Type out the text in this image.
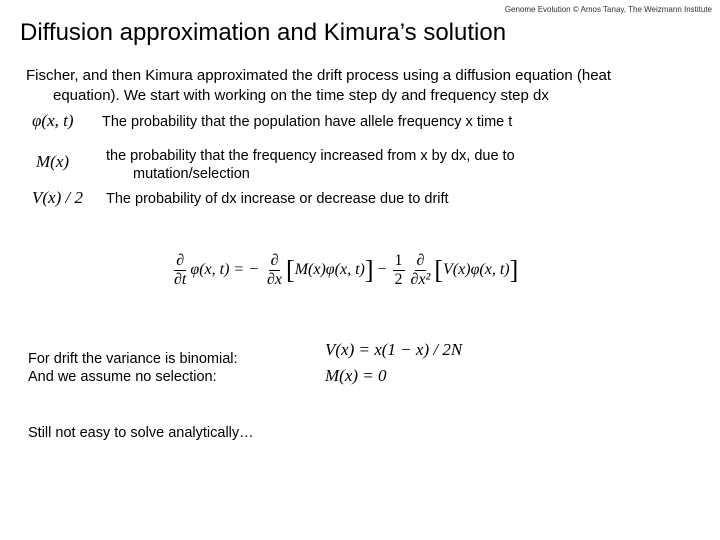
Genome Evolution © Amos Tanay, The Weizmann Institute
Diffusion approximation and Kimura’s solution
Fischer, and then Kimura approximated the drift process using a diffusion equation (heat
equation). We start with working on the time step dy and frequency step dx
φ(x, t) The probability that the population have allele frequency x time t
M(x)	the probability that the frequency increased from x by dx, due to
mutation/selection
V(x) / 2 The probability of dx increase or decrease due to drift
$\frac{\partial}{\partial t} \varphi(x$, t) = − $\frac{\partial}{\partial x} [M(x)\varphi(x$, $t)] - \frac{1}{2} \frac{\partial}{\text{∂x²}} [V(x)\varphi(x$, t)]
For drift the variance is binomial:
And we assume no selection:
V(x) = x(1 − x) / 2N
M(x) = 0
Still not easy to solve analytically…
